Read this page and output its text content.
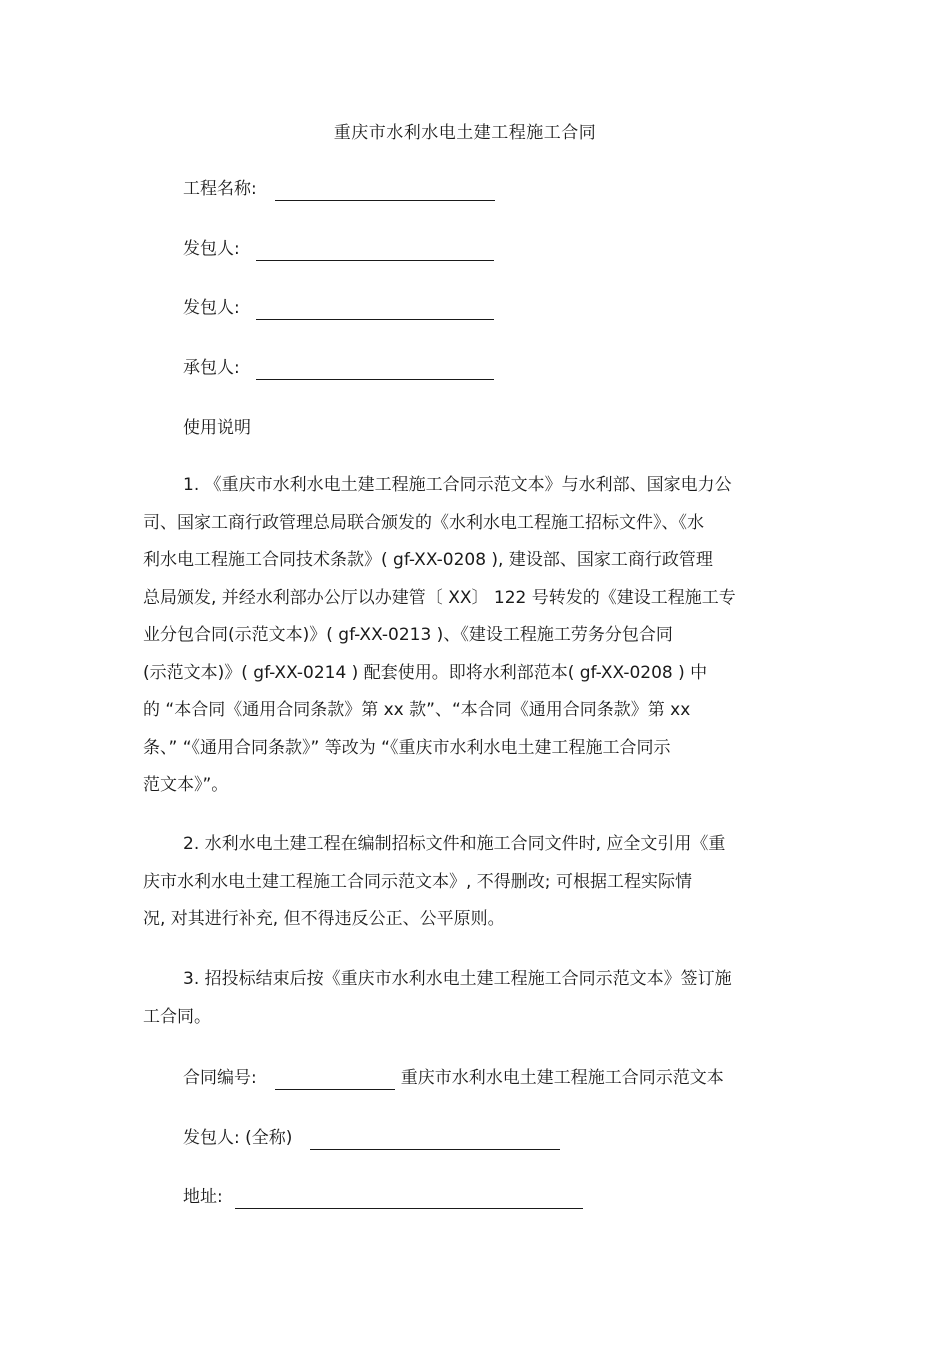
重庆市水利水电土建工程施工合同
工程名称:
发包人:
发包人:
承包人:
使用说明
1. 《重庆市水利水电土建工程施工合同示范文本》与水利部、国家电力公
司、国家工商行政管理总局联合颁发的《水利水电工程施工招标文件》、《水
利水电工程施工合同技术条款》( gf-XX-0208 ), 建设部、国家工商行政管理
总局颁发, 并经水利部办公厅以办建管〔 XX〕 122 号转发的《建设工程施工专
业分包合同(示范文本)》( gf-XX-0213 )、《建设工程施工劳务分包合同
(示范文本)》( gf-XX-0214 ) 配套使用。即将水利部范本( gf-XX-0208 ) 中
的 “本合同《通用合同条款》第 xx 款”、“本合同《通用合同条款》第 xx
条、” “《通用合同条款》” 等改为 “《重庆市水利水电土建工程施工合同示
范文本》”。
2. 水利水电土建工程在编制招标文件和施工合同文件时, 应全文引用《重
庆市水利水电土建工程施工合同示范文本》, 不得删改; 可根据工程实际情
况, 对其进行补充, 但不得违反公正、公平原则。
3. 招投标结束后按《重庆市水利水电土建工程施工合同示范文本》签订施
工合同。
合同编号:	重庆市水利水电土建工程施工合同示范文本
发包人: (全称)
地址:
